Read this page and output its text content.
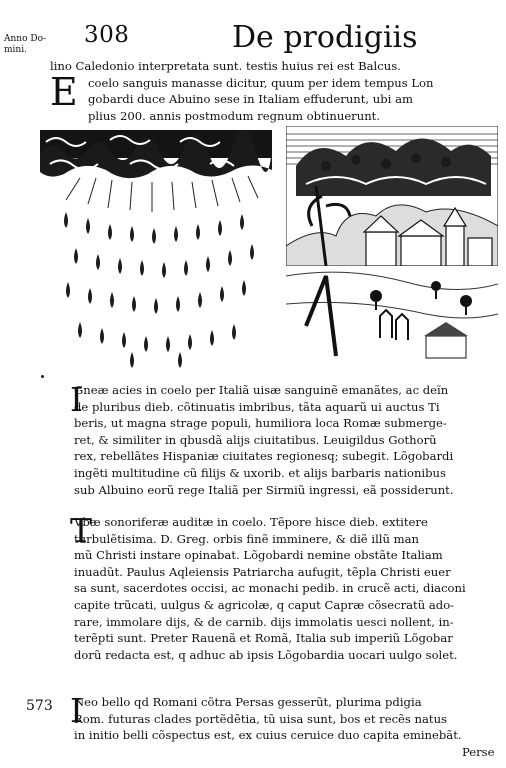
Anno Do-
mini.
308	De prodigiis
lino Caledonio interpretata sunt. testis huius rei est Balcus.
coelo sanguis manasse dicitur, quum per idem tempus Lon
gobardi duce Abuino sese in Italiam effuderunt, ubi am
plius 200. annis postmodum regnum obtinuerunt.
E
I
Gneæ acies in coelo per Italiã uisæ sanguinẽ emanãtes, ac deĩn
de pluribus dieb. cõtinuatis imbribus, tãta aquarũ ui auctus Ti
beris, ut magna strage populi, humiliora loca Romæ submerge-
ret, & similiter in qbusdã alijs ciuitatibus. Leuigildus Gothorũ
rex, rebellãtes Hispaniæ ciuitates regionesq; subegit. Lõgobardi
ingẽti multitudine cũ filijs & uxorib. et alijs barbaris nationibus
sub Albuino eorũ rege Italiã per Sirmiũ ingressi, eã possiderunt.
T
Vbæ sonoriferæ auditæ in coelo. Tẽpore hisce dieb. extitere
turbulẽtisima. D. Greg. orbis finẽ imminere, & diẽ illũ man
mũ Christi instare opinabat. Lõgobardi nemine obstãte Italiam
inuadũt. Paulus Aqleiensis Patriarcha aufugit, tẽpla Christi euer
sa sunt, sacerdotes occisi, ac monachi pedib. in crucẽ acti, diaconi
capite trũcati, uulgus & agricolæ, q caput Capræ cõsecratũ ado-
rare, immolare dijs, & de carnib. dijs immolatis uesci nollent, in-
terẽpti sunt. Preter Rauenã et Romã, Italia sub imperiũ Lõgobar
dorũ redacta est, q adhuc ab ipsis Lõgobardia uocari uulgo solet.
573 I
Neo bello qd Romani cõtra Persas gesserũt, plurima pdigia
Rom. futuras clades portẽdẽtia, tũ uisa sunt, bos et recẽs natus
in initio belli cõspectus est, ex cuius ceruice duo capita eminebãt.
Perse
